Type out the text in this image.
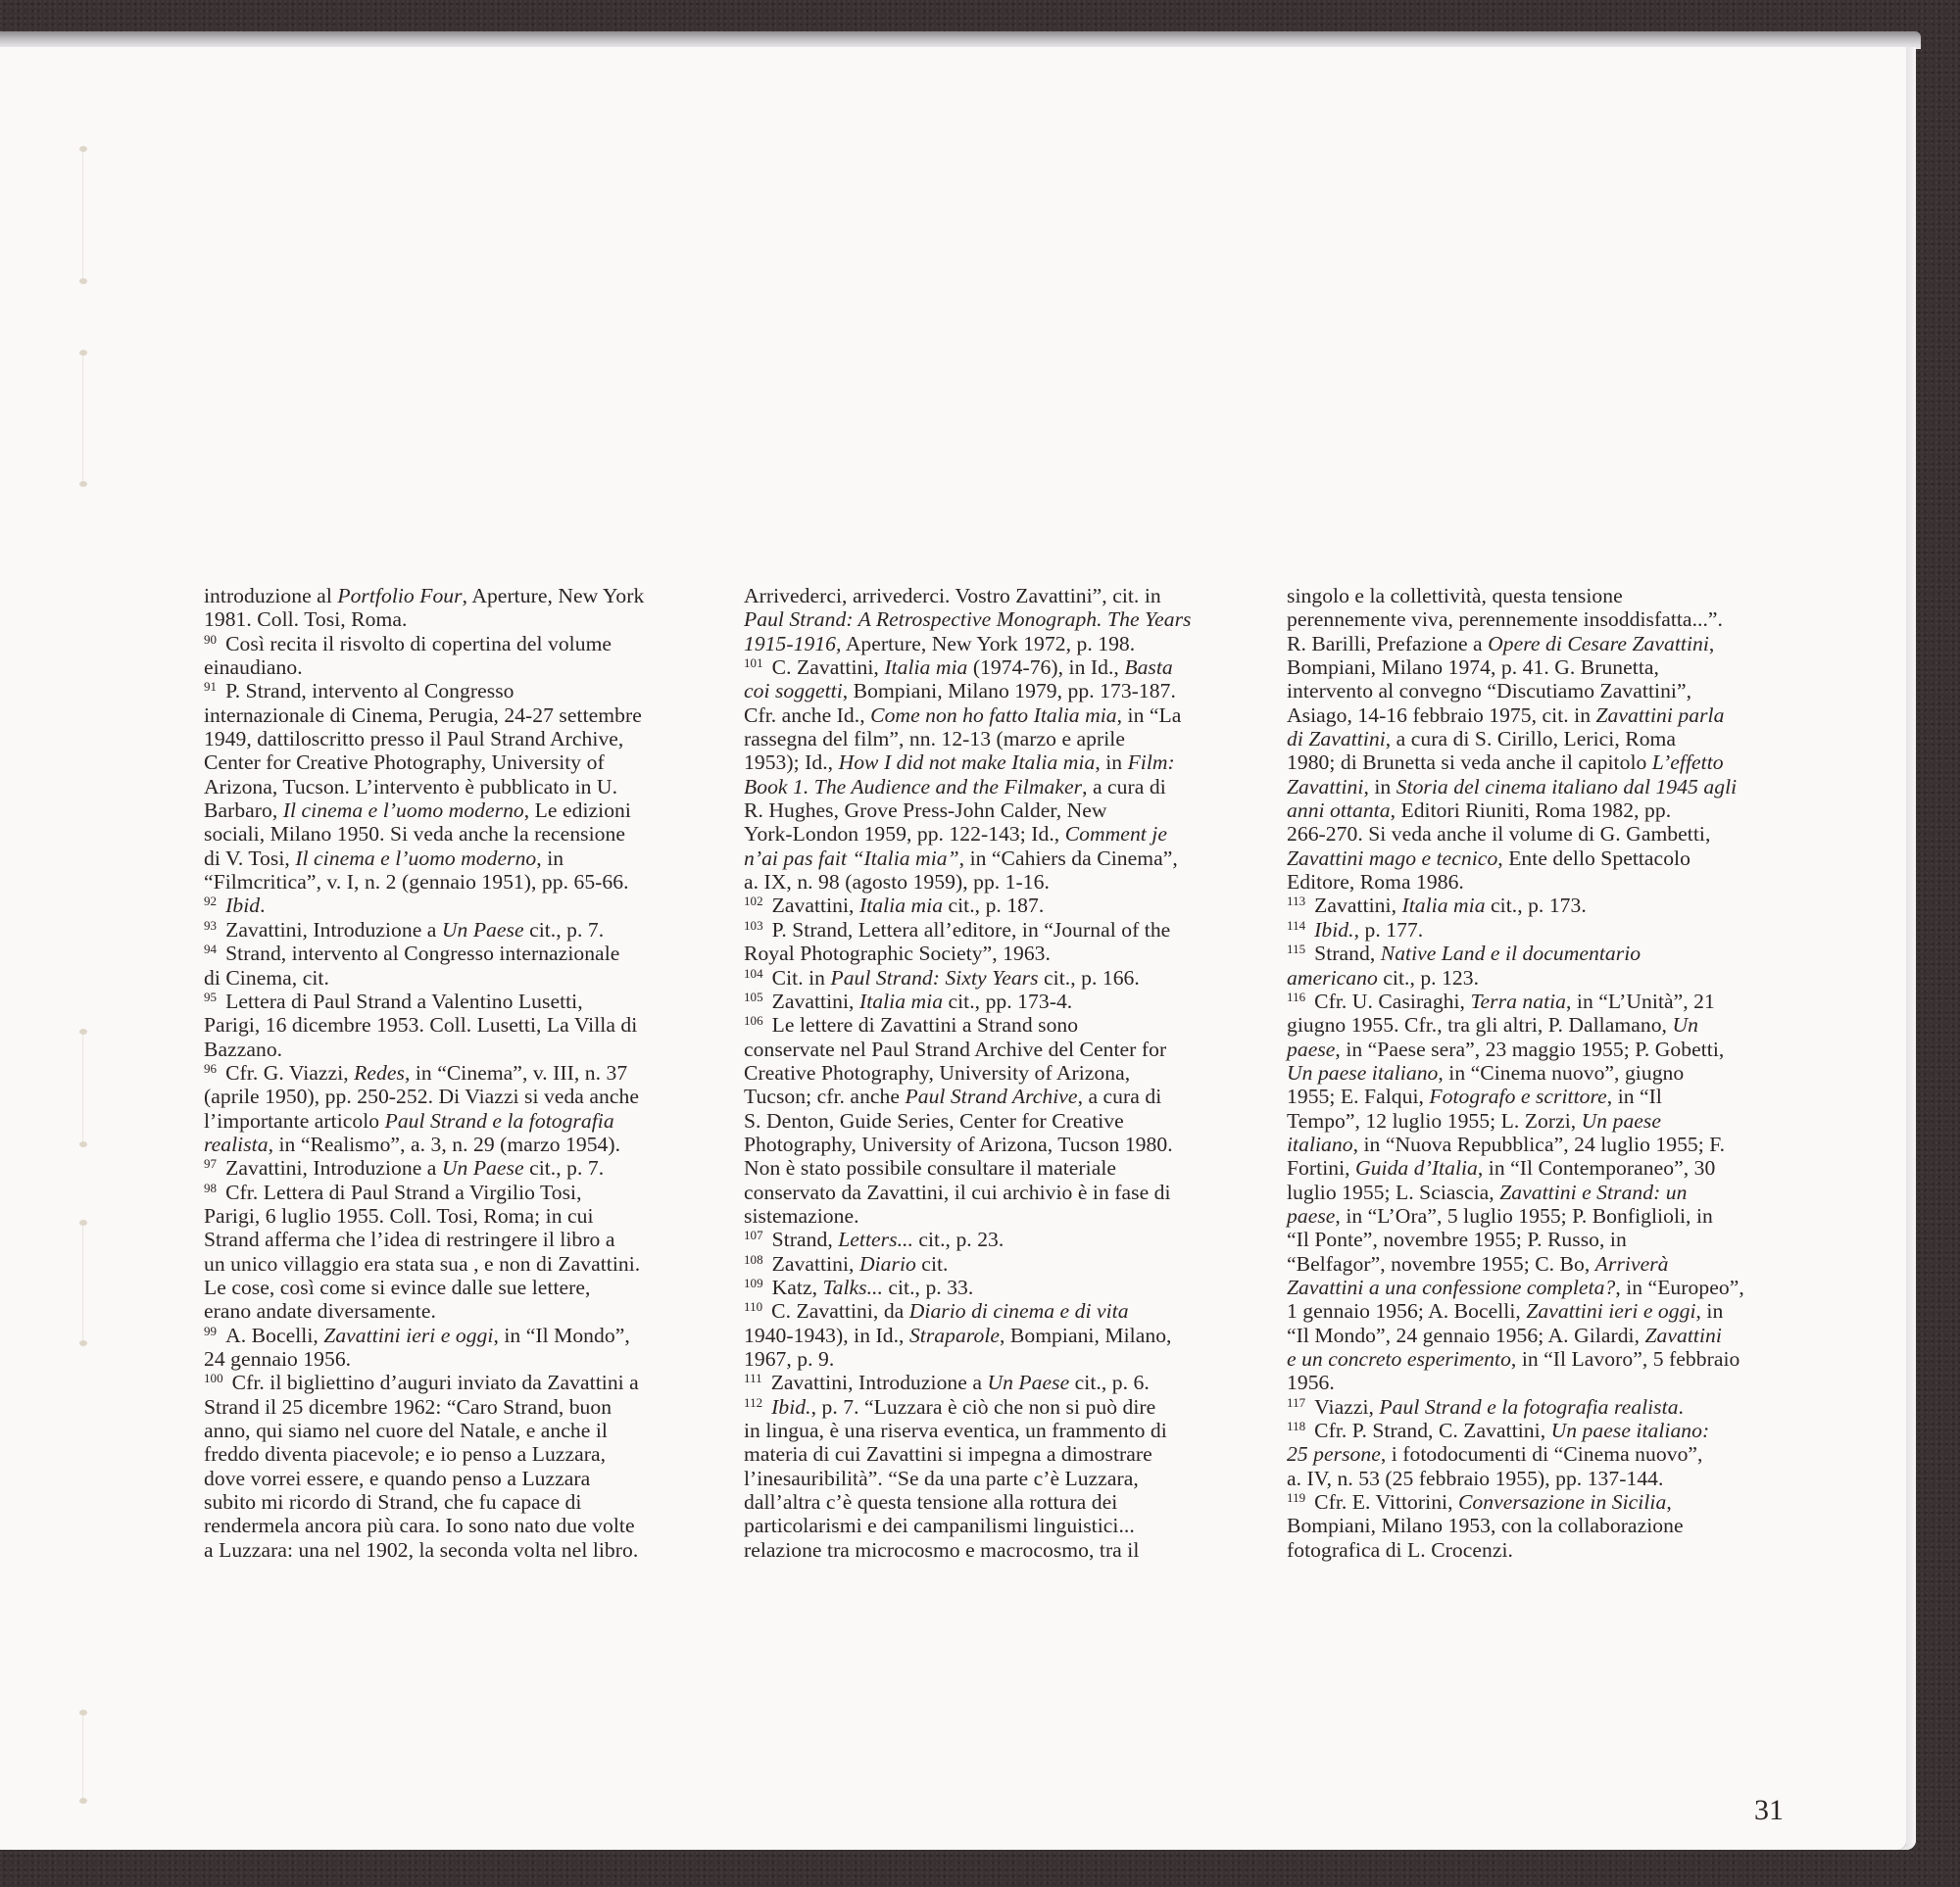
introduzione al Portfolio Four, Aperture, New York
1981. Coll. Tosi, Roma.
$^{90}$ Così recita il risvolto di copertina del volume
einaudiano.
$^{91}$ P. Strand, intervento al Congresso
internazionale di Cinema, Perugia, 24-27 settembre
1949, dattiloscritto presso il Paul Strand Archive,
Center for Creative Photography, University of
Arizona, Tucson. L’intervento è pubblicato in U.
Barbaro, Il cinema e l’uomo moderno, Le edizioni
sociali, Milano 1950. Si veda anche la recensione
di V. Tosi, Il cinema e l’uomo moderno, in
“Filmcritica”, v. I, n. 2 (gennaio 1951), pp. 65-66.
$^{92}$ Ibid.
$^{93}$ Zavattini, Introduzione a Un Paese cit., p. 7.
$^{94}$ Strand, intervento al Congresso internazionale
di Cinema, cit.
$^{95}$ Lettera di Paul Strand a Valentino Lusetti,
Parigi, 16 dicembre 1953. Coll. Lusetti, La Villa di
Bazzano.
$^{96}$ Cfr. G. Viazzi, Redes, in “Cinema”, v. III, n. 37
(aprile 1950), pp. 250-252. Di Viazzi si veda anche
l’importante articolo Paul Strand e la fotografia
realista, in “Realismo”, a. 3, n. 29 (marzo 1954).
$^{97}$ Zavattini, Introduzione a Un Paese cit., p. 7.
$^{98}$ Cfr. Lettera di Paul Strand a Virgilio Tosi,
Parigi, 6 luglio 1955. Coll. Tosi, Roma; in cui
Strand afferma che l’idea di restringere il libro a
un unico villaggio era stata sua , e non di Zavattini.
Le cose, così come si evince dalle sue lettere,
erano andate diversamente.
$^{99}$ A. Bocelli, Zavattini ieri e oggi, in “Il Mondo”,
24 gennaio 1956.
$^{100}$ Cfr. il bigliettino d’auguri inviato da Zavattini a
Strand il 25 dicembre 1962: “Caro Strand, buon
anno, qui siamo nel cuore del Natale, e anche il
freddo diventa piacevole; e io penso a Luzzara,
dove vorrei essere, e quando penso a Luzzara
subito mi ricordo di Strand, che fu capace di
rendermela ancora più cara. Io sono nato due volte
a Luzzara: una nel 1902, la seconda volta nel libro.
Arrivederci, arrivederci. Vostro Zavattini”, cit. in
Paul Strand: A Retrospective Monograph. The Years
1915-1916, Aperture, New York 1972, p. 198.
$^{101}$ C. Zavattini, Italia mia (1974-76), in Id., Basta
coi soggetti, Bompiani, Milano 1979, pp. 173-187.
Cfr. anche Id., Come non ho fatto Italia mia, in “La
rassegna del film”, nn. 12-13 (marzo e aprile
1953); Id., How I did not make Italia mia, in Film:
Book 1. The Audience and the Filmaker, a cura di
R. Hughes, Grove Press-John Calder, New
York-London 1959, pp. 122-143; Id., Comment je
n’ai pas fait “Italia mia”, in “Cahiers da Cinema”,
a. IX, n. 98 (agosto 1959), pp. 1-16.
$^{102}$ Zavattini, Italia mia cit., p. 187.
$^{103}$ P. Strand, Lettera all’editore, in “Journal of the
Royal Photographic Society”, 1963.
$^{104}$ Cit. in Paul Strand: Sixty Years cit., p. 166.
$^{105}$ Zavattini, Italia mia cit., pp. 173-4.
$^{106}$ Le lettere di Zavattini a Strand sono
conservate nel Paul Strand Archive del Center for
Creative Photography, University of Arizona,
Tucson; cfr. anche Paul Strand Archive, a cura di
S. Denton, Guide Series, Center for Creative
Photography, University of Arizona, Tucson 1980.
Non è stato possibile consultare il materiale
conservato da Zavattini, il cui archivio è in fase di
sistemazione.
$^{107}$ Strand, Letters... cit., p. 23.
$^{108}$ Zavattini, Diario cit.
$^{109}$ Katz, Talks... cit., p. 33.
$^{110}$ C. Zavattini, da Diario di cinema e di vita
1940-1943), in Id., Straparole, Bompiani, Milano,
1967, p. 9.
$^{111}$ Zavattini, Introduzione a Un Paese cit., p. 6.
$^{112}$ Ibid., p. 7. “Luzzara è ciò che non si può dire
in lingua, è una riserva eventica, un frammento di
materia di cui Zavattini si impegna a dimostrare
l’inesauribilità”. “Se da una parte c’è Luzzara,
dall’altra c’è questa tensione alla rottura dei
particolarismi e dei campanilismi linguistici...
relazione tra microcosmo e macrocosmo, tra il
singolo e la collettività, questa tensione
perennemente viva, perennemente insoddisfatta...”.
R. Barilli, Prefazione a Opere di Cesare Zavattini,
Bompiani, Milano 1974, p. 41. G. Brunetta,
intervento al convegno “Discutiamo Zavattini”,
Asiago, 14-16 febbraio 1975, cit. in Zavattini parla
di Zavattini, a cura di S. Cirillo, Lerici, Roma
1980; di Brunetta si veda anche il capitolo L’effetto
Zavattini, in Storia del cinema italiano dal 1945 agli
anni ottanta, Editori Riuniti, Roma 1982, pp.
266-270. Si veda anche il volume di G. Gambetti,
Zavattini mago e tecnico, Ente dello Spettacolo
Editore, Roma 1986.
$^{113}$ Zavattini, Italia mia cit., p. 173.
$^{114}$ Ibid., p. 177.
$^{115}$ Strand, Native Land e il documentario
americano cit., p. 123.
$^{116}$ Cfr. U. Casiraghi, Terra natia, in “L’Unità”, 21
giugno 1955. Cfr., tra gli altri, P. Dallamano, Un
paese, in “Paese sera”, 23 maggio 1955; P. Gobetti,
Un paese italiano, in “Cinema nuovo”, giugno
1955; E. Falqui, Fotografo e scrittore, in “Il
Tempo”, 12 luglio 1955; L. Zorzi, Un paese
italiano, in “Nuova Repubblica”, 24 luglio 1955; F.
Fortini, Guida d’Italia, in “Il Contemporaneo”, 30
luglio 1955; L. Sciascia, Zavattini e Strand: un
paese, in “L’Ora”, 5 luglio 1955; P. Bonfiglioli, in
“Il Ponte”, novembre 1955; P. Russo, in
“Belfagor”, novembre 1955; C. Bo, Arriverà
Zavattini a una confessione completa?, in “Europeo”,
1 gennaio 1956; A. Bocelli, Zavattini ieri e oggi, in
“Il Mondo”, 24 gennaio 1956; A. Gilardi, Zavattini
e un concreto esperimento, in “Il Lavoro”, 5 febbraio
1956.
$^{117}$ Viazzi, Paul Strand e la fotografia realista.
$^{118}$ Cfr. P. Strand, C. Zavattini, Un paese italiano:
25 persone, i fotodocumenti di “Cinema nuovo”,
a. IV, n. 53 (25 febbraio 1955), pp. 137-144.
$^{119}$ Cfr. E. Vittorini, Conversazione in Sicilia,
Bompiani, Milano 1953, con la collaborazione
fotografica di L. Crocenzi.
31
